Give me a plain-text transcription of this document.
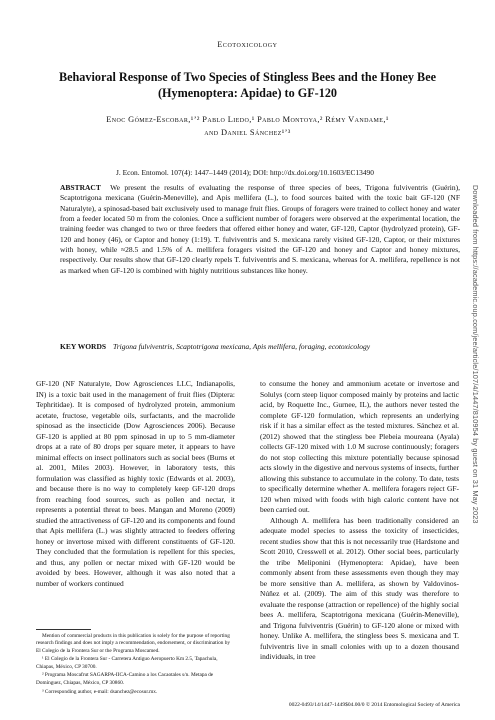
Ecotoxicology
Behavioral Response of Two Species of Stingless Bees and the Honey Bee (Hymenoptera: Apidae) to GF-120
Enoc Gómez-Escobar,¹ʼ² Pablo Liedo,¹ Pablo Montoya,² Rémy Vandame,¹
and Daniel Sánchez¹ʼ³
J. Econ. Entomol. 107(4): 1447–1449 (2014); DOI: http://dx.doi.org/10.1603/EC13490
ABSTRACT We present the results of evaluating the response of three species of bees, Trigona fulviventris (Guérin), Scaptotrigona mexicana (Guérin-Meneville), and Apis mellifera (L.), to food sources baited with the toxic bait GF-120 (NF Naturalyte), a spinosad-based bait exclusively used to manage fruit flies. Groups of foragers were trained to collect honey and water from a feeder located 50 m from the colonies. Once a sufficient number of foragers were observed at the experimental location, the training feeder was changed to two or three feeders that offered either honey and water, GF-120, Captor (hydrolyzed protein), GF-120 and honey (46), or Captor and honey (1:19). T. fulviventris and S. mexicana rarely visited GF-120, Captor, or their mixtures with honey, while ≈28.5 and 1.5% of A. mellifera foragers visited the GF-120 and honey and Captor and honey mixtures, respectively. Our results show that GF-120 clearly repels T. fulviventris and S. mexicana, whereas for A. mellifera, repellence is not as marked when GF-120 is combined with highly nutritious substances like honey.
KEY WORDS Trigona fulviventris, Scaptotrigona mexicana, Apis mellifera, foraging, ecotoxicology
GF-120 (NF Naturalyte, Dow Agrosciences LLC, Indianapolis, IN) is a toxic bait used in the management of fruit flies (Diptera: Tephritidae). It is composed of hydrolyzed protein, ammonium acetate, fructose, vegetable oils, surfactants, and the macrolide spinosad as the insecticide (Dow Agrosciences 2006). Because GF-120 is applied at 80 ppm spinosad in up to 5 mm-diameter drops at a rate of 80 drops per square meter, it appears to have minimal effects on insect pollinators such as social bees (Burns et al. 2001, Miles 2003). However, in laboratory tests, this formulation was classified as highly toxic (Edwards et al. 2003), and because there is no way to completely keep GF-120 drops from reaching food sources, such as pollen and nectar, it represents a potential threat to bees. Mangan and Moreno (2009) studied the attractiveness of GF-120 and its components and found that Apis mellifera (L.) was slightly attracted to feeders offering honey or invertose mixed with different constituents of GF-120. They concluded that the formulation is repellent for this species, and thus, any pollen or nectar mixed with GF-120 would be avoided by bees. However, although it was also noted that a number of workers continued
to consume the honey and ammonium acetate or invertose and Solulys (corn steep liquor composed mainly by proteins and lactic acid, by Roquette Inc., Gurnee, IL), the authors never tested the complete GF-120 formulation, which represents an underlying risk if it has a similar effect as the tested mixtures. Sánchez et al. (2012) showed that the stingless bee Plebeia moureana (Ayala) collects GF-120 mixed with 1.0 M sucrose continuously; foragers do not stop collecting this mixture potentially because spinosad acts slowly in the digestive and nervous systems of insects, further allowing this substance to accumulate in the colony. To date, tests to specifically determine whether A. mellifera foragers reject GF-120 when mixed with foods with high caloric content have not been carried out.
Although A. mellifera has been traditionally considered an adequate model species to assess the toxicity of insecticides, recent studies show that this is not necessarily true (Hardstone and Scott 2010, Cresswell et al. 2012). Other social bees, particularly the tribe Meliponini (Hymenoptera: Apidae), have been commonly absent from these assessments even though they may be more sensitive than A. mellifera, as shown by Valdovinos-Núñez et al. (2009). The aim of this study was therefore to evaluate the response (attraction or repellence) of the highly social bees A. mellifera, Scaptotrigona mexicana (Guérin-Meneville), and Trigona fulviventris (Guérin) to GF-120 alone or mixed with honey. Unlike A. mellifera, the stingless bees S. mexicana and T. fulviventris live in small colonies with up to a dozen thousand individuals, in tree

Mention of commercial products in this publication is solely for the purpose of reporting research findings and does not imply a recommendation, endorsement, or discrimination by El Colegio de la Frontera Sur or the Programa Moscamed.

¹ El Colegio de la Frontera Sur - Carretera Antiguo Aeropuerto Km 2.5, Tapachula, Chiapas, México, CP 30700.

² Programa Moscafrut SAGARPA-IICA-Camino a los Cacaotales s/n. Metapa de Domínguez, Chiapas, México, CP 30860.

³ Corresponding author, e-mail: dsanchez@ecosur.mx.

0022-0493/14/1447-1449$04.00/0 © 2014 Entomological Society of America
Downloaded from https://academic.oup.com/jee/article/107/4/1447/810954 by guest on 31 May 2023
